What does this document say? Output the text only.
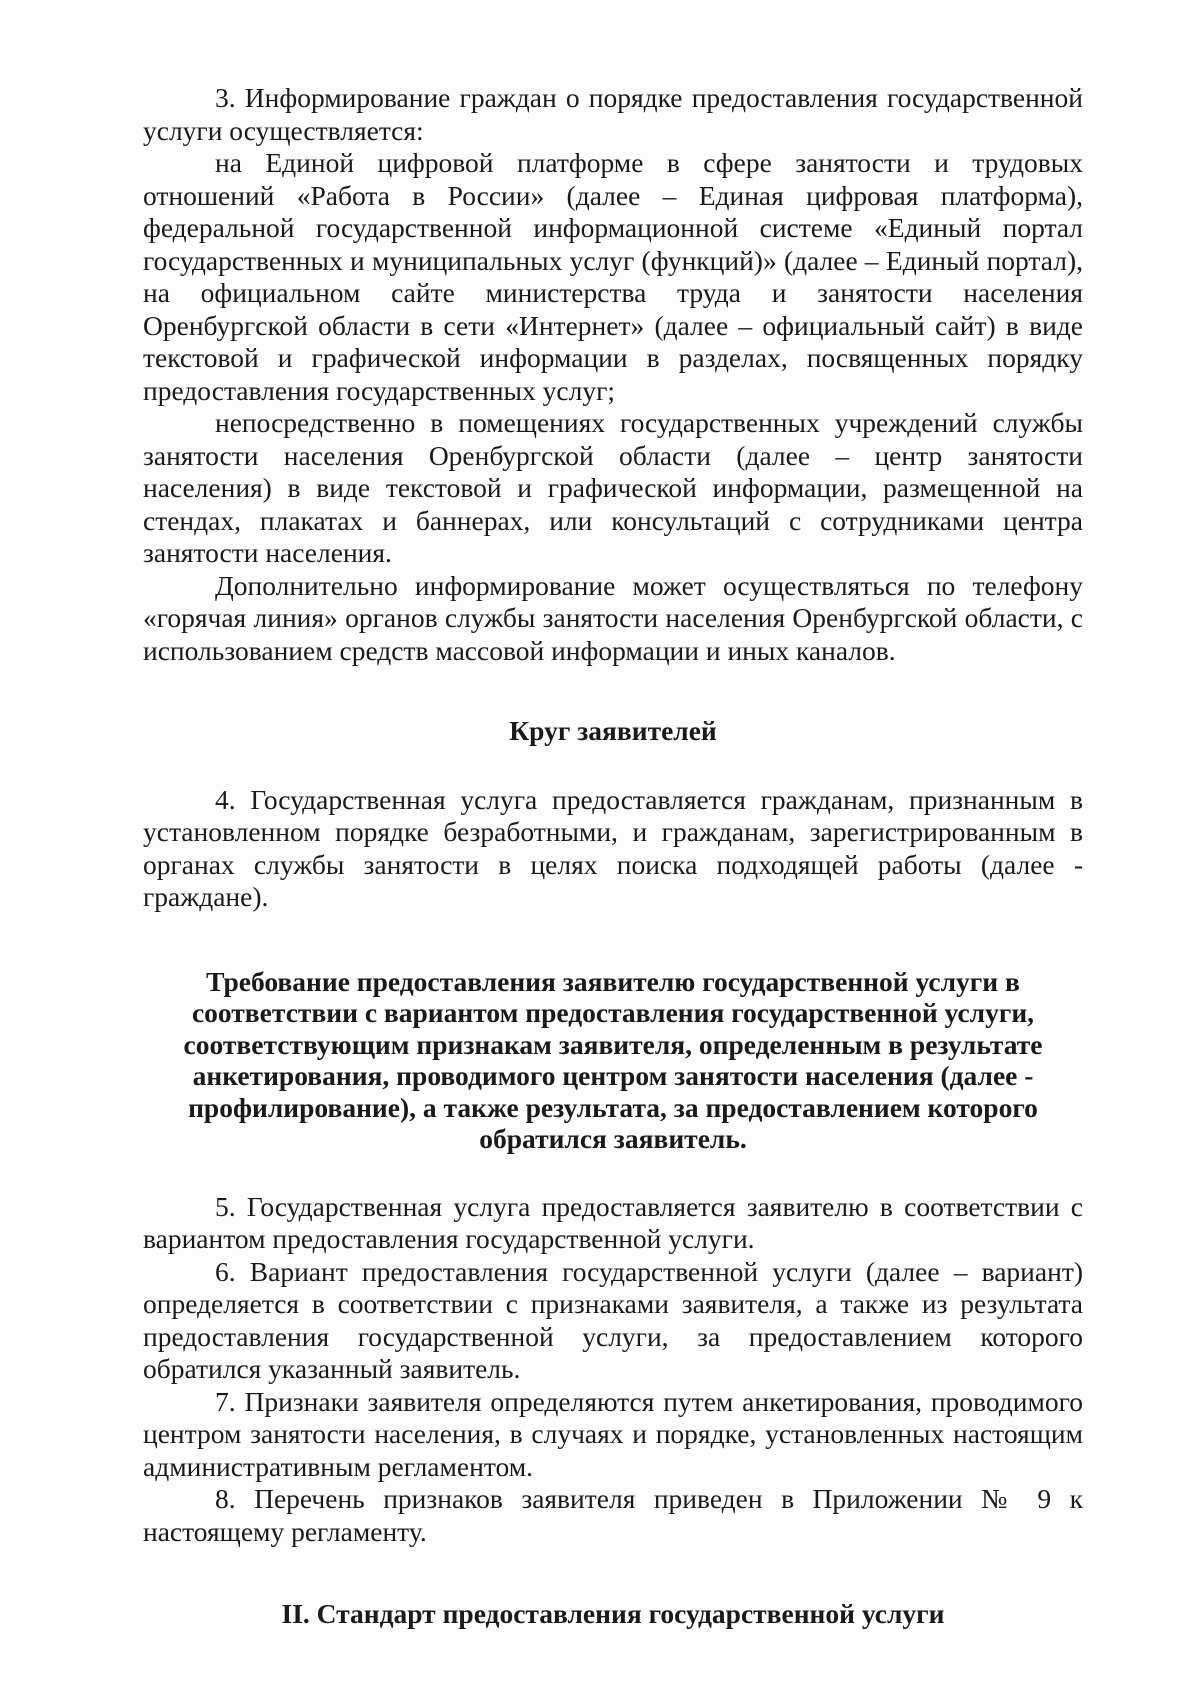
3. Информирование граждан о порядке предоставления государственной услуги осуществляется:

на Единой цифровой платформе в сфере занятости и трудовых отношений «Работа в России» (далее – Единая цифровая платформа), федеральной государственной информационной системе «Единый портал государственных и муниципальных услуг (функций)» (далее – Единый портал), на официальном сайте министерства труда и занятости населения Оренбургской области в сети «Интернет» (далее – официальный сайт) в виде текстовой и графической информации в разделах, посвященных порядку предоставления государственных услуг;

непосредственно в помещениях государственных учреждений службы занятости населения Оренбургской области (далее – центр занятости населения) в виде текстовой и графической информации, размещенной на стендах, плакатах и баннерах, или консультаций с сотрудниками центра занятости населения.

Дополнительно информирование может осуществляться по телефону «горячая линия» органов службы занятости населения Оренбургской области, с использованием средств массовой информации и иных каналов.

Круг заявителей

4. Государственная услуга предоставляется гражданам, признанным в установленном порядке безработными, и гражданам, зарегистрированным в органах службы занятости в целях поиска подходящей работы (далее - граждане).

Требование предоставления заявителю государственной услуги в соответствии с вариантом предоставления государственной услуги, соответствующим признакам заявителя, определенным в результате анкетирования, проводимого центром занятости населения (далее - профилирование), а также результата, за предоставлением которого обратился заявитель.

5. Государственная услуга предоставляется заявителю в соответствии с вариантом предоставления государственной услуги.

6. Вариант предоставления государственной услуги (далее – вариант) определяется в соответствии с признаками заявителя, а также из результата предоставления государственной услуги, за предоставлением которого обратился указанный заявитель.

7. Признаки заявителя определяются путем анкетирования, проводимого центром занятости населения, в случаях и порядке, установленных настоящим административным регламентом.

8. Перечень признаков заявителя приведен в Приложении № 9 к настоящему регламенту.

II. Стандарт предоставления государственной услуги
